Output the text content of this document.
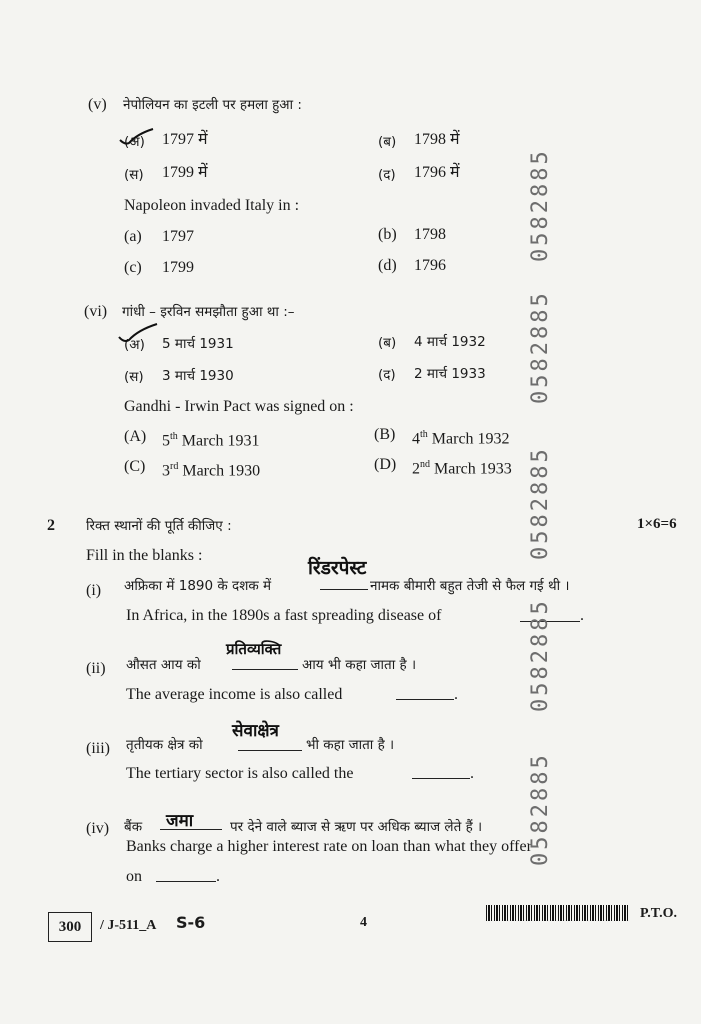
(v) नेपोलियन का इटली पर हमला हुआ :
(अ) 1797 में	(ब) 1798 में
(स) 1799 में	(द) 1796 में
Napoleon invaded Italy in :
(a) 1797	(b) 1798
(c) 1799	(d) 1796
(vi) गांधी – इरविन समझौता हुआ था :–
(अ) 5 मार्च 1931	(ब) 4 मार्च 1932
(स) 3 मार्च 1930	(द) 2 मार्च 1933
Gandhi - Irwin Pact was signed on :
(A) 5th March 1931	(B) 4th March 1932
(C) 3rd March 1930	(D) 2nd March 1933
2 रिक्त स्थानों की पूर्ति कीजिए :	1×6=6
Fill in the blanks :
(i) अफ्रिका में 1890 के दशक में
रिंडरपेस्ट
नामक बीमारी बहुत तेजी से फैल गई थी ।
In Africa, in the 1890s a fast spreading disease of	.
(ii) औसत आय को
प्रतिव्यक्ति
आय भी कहा जाता है ।
The average income is also called	.
(iii) तृतीयक क्षेत्र को
सेवाक्षेत्र
भी कहा जाता है ।
The tertiary sector is also called the	.
(iv) बैंक जमा	पर देने वाले ब्याज से ऋण पर अधिक ब्याज लेते हैं ।
Banks charge a higher interest rate on loan than what they offer
on	.
0582885
0582885
0582885
0582885
0582885
300	/ J-511_A S-6	4
P.T.O.
